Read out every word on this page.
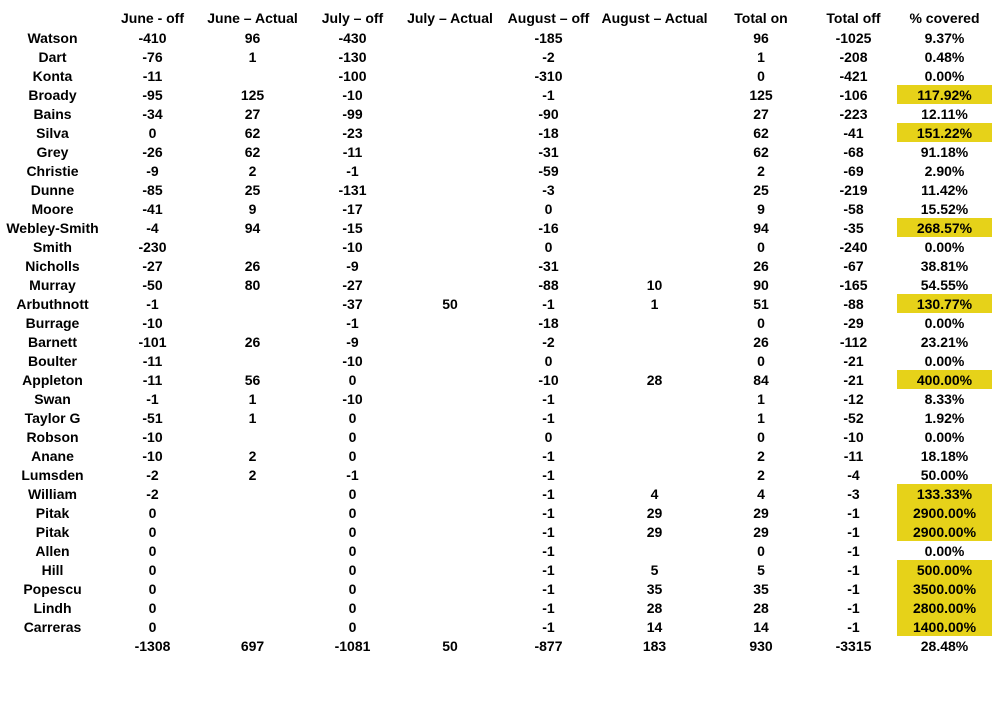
	June - off	June – Actual	July – off	July – Actual	August – off	August – Actual	Total on	Total off	% covered
Watson	-410	96	-430		-185		96	-1025	9.37%
Dart	-76	1	-130		-2		1	-208	0.48%
Konta	-11		-100		-310		0	-421	0.00%
Broady	-95	125	-10		-1		125	-106	117.92%
Bains	-34	27	-99		-90		27	-223	12.11%
Silva	0	62	-23		-18		62	-41	151.22%
Grey	-26	62	-11		-31		62	-68	91.18%
Christie	-9	2	-1		-59		2	-69	2.90%
Dunne	-85	25	-131		-3		25	-219	11.42%
Moore	-41	9	-17		0		9	-58	15.52%
Webley-Smith	-4	94	-15		-16		94	-35	268.57%
Smith	-230		-10		0		0	-240	0.00%
Nicholls	-27	26	-9		-31		26	-67	38.81%
Murray	-50	80	-27		-88	10	90	-165	54.55%
Arbuthnott	-1		-37	50	-1	1	51	-88	130.77%
Burrage	-10		-1		-18		0	-29	0.00%
Barnett	-101	26	-9		-2		26	-112	23.21%
Boulter	-11		-10		0		0	-21	0.00%
Appleton	-11	56	0		-10	28	84	-21	400.00%
Swan	-1	1	-10		-1		1	-12	8.33%
Taylor G	-51	1	0		-1		1	-52	1.92%
Robson	-10		0		0		0	-10	0.00%
Anane	-10	2	0		-1		2	-11	18.18%
Lumsden	-2	2	-1		-1		2	-4	50.00%
William	-2		0		-1	4	4	-3	133.33%
Pitak	0		0		-1	29	29	-1	2900.00%
Pitak	0		0		-1	29	29	-1	2900.00%
Allen	0		0		-1		0	-1	0.00%
Hill	0		0		-1	5	5	-1	500.00%
Popescu	0		0		-1	35	35	-1	3500.00%
Lindh	0		0		-1	28	28	-1	2800.00%
Carreras	0		0		-1	14	14	-1	1400.00%
	-1308	697	-1081	50	-877	183	930	-3315	28.48%
